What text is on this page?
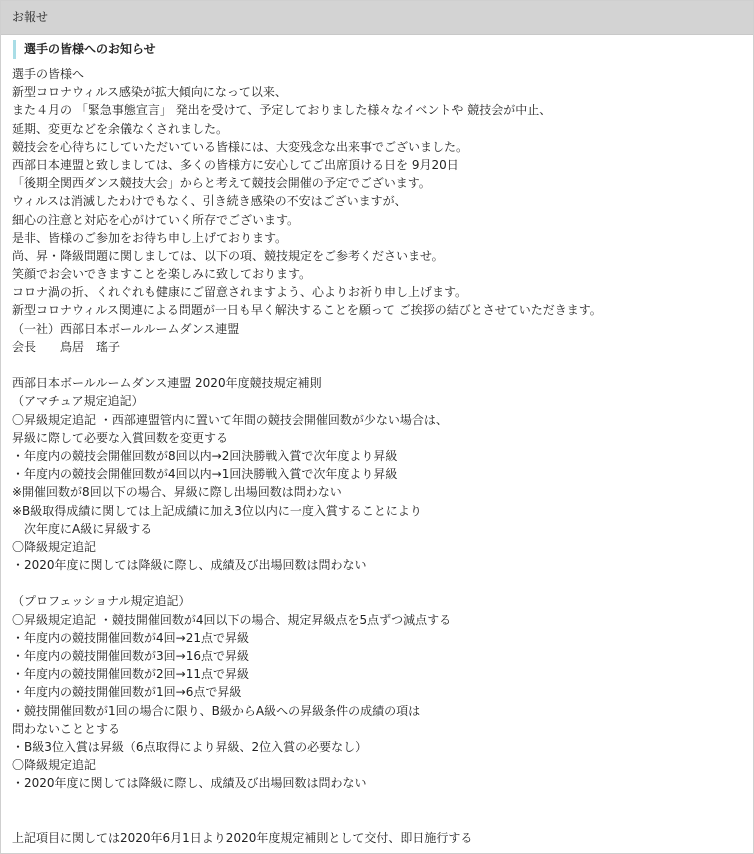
お報せ
選手の皆様へのお知らせ
選手の皆様へ
新型コロナウィルス感染が拡大傾向になって以来、
また４月の 「緊急事態宣言」 発出を受けて、予定しておりました様々なイベントや 競技会が中止、
延期、変更などを余儀なくされました。
競技会を心待ちにしていただいている皆様には、大変残念な出来事でございました。
西部日本連盟と致しましては、多くの皆様方に安心してご出席頂ける日を 9月20日
「後期全関西ダンス競技大会」からと考えて競技会開催の予定でございます。
ウィルスは消滅したわけでもなく、引き続き感染の不安はございますが、
細心の注意と対応を心がけていく所存でございます。
是非、皆様のご参加をお待ち申し上げております。
尚、昇・降級問題に関しましては、以下の項、競技規定をご参考くださいませ。
笑顔でお会いできますことを楽しみに致しております。
コロナ渦の折、くれぐれも健康にご留意されますよう、心よりお祈り申し上げます。
新型コロナウィルス関連による問題が一日も早く解決することを願って ご挨拶の結びとさせていただきます。
（一社）西部日本ボールルームダンス連盟
会長　　鳥居　瑤子
西部日本ボールルームダンス連盟 2020年度競技規定補則
（アマチュア規定追記）
〇昇級規定追記 ・西部連盟管内に置いて年間の競技会開催回数が少ない場合は、
昇級に際して必要な入賞回数を変更する
・年度内の競技会開催回数が8回以内→2回決勝戦入賞で次年度より昇級
・年度内の競技会開催回数が4回以内→1回決勝戦入賞で次年度より昇級
※開催回数が8回以下の場合、昇級に際し出場回数は問わない
※B級取得成績に関しては上記成績に加え3位以内に一度入賞することにより
　次年度にA級に昇級する
〇降級規定追記
・2020年度に関しては降級に際し、成績及び出場回数は問わない
（プロフェッショナル規定追記）
〇昇級規定追記 ・競技開催回数が4回以下の場合、規定昇級点を5点ずつ減点する
・年度内の競技開催回数が4回→21点で昇級
・年度内の競技開催回数が3回→16点で昇級
・年度内の競技開催回数が2回→11点で昇級
・年度内の競技開催回数が1回→6点で昇級
・競技開催回数が1回の場合に限り、B級からA級への昇級条件の成績の項は
問わないこととする
・B級3位入賞は昇級（6点取得により昇級、2位入賞の必要なし）
〇降級規定追記
・2020年度に関しては降級に際し、成績及び出場回数は問わない
上記項目に関しては2020年6月1日より2020年度規定補則として交付、即日施行する
